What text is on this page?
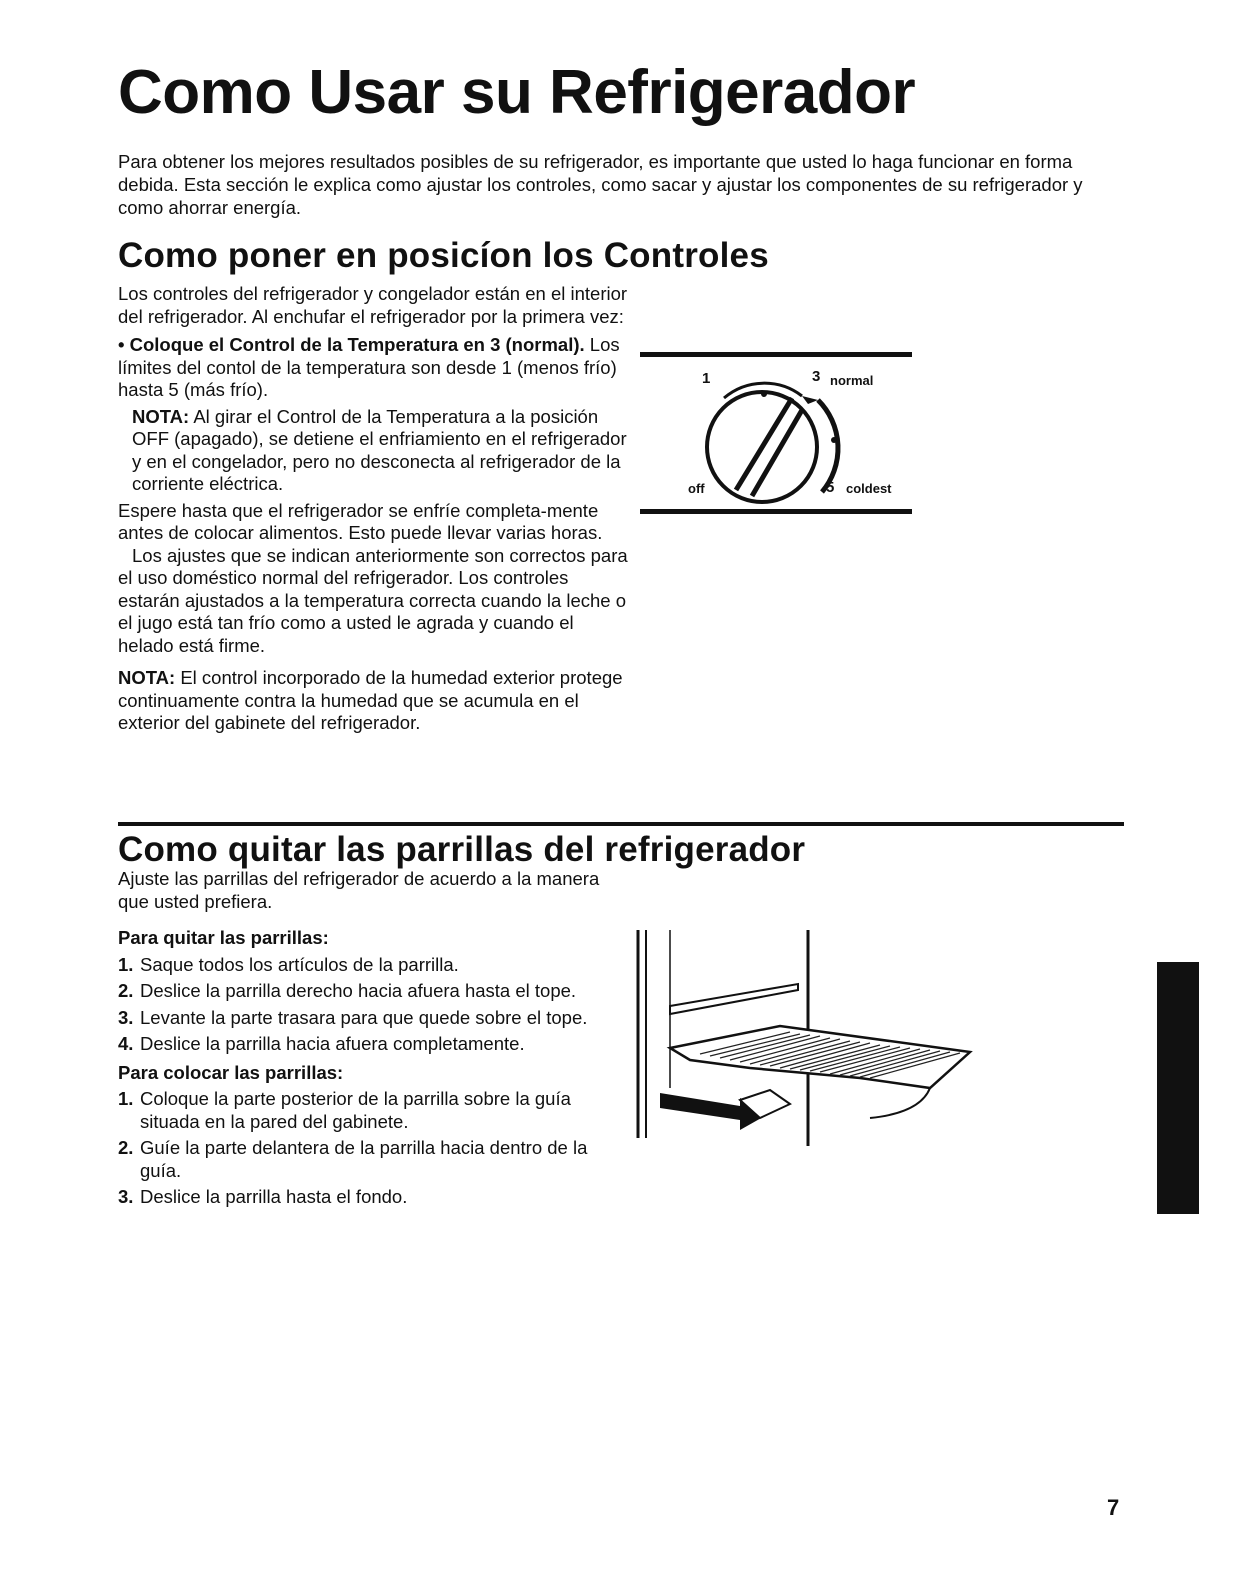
Como Usar su Refrigerador

Para obtener los mejores resultados posibles de su refrigerador, es importante que usted lo haga funcionar en forma debida. Esta sección le explica como ajustar los controles, como sacar y ajustar los componentes de su refrigerador y como ahorrar energía.

Como poner en posicíon los Controles

Los controles del refrigerador y congelador están en el interior del refrigerador. Al enchufar el refrigerador por la primera vez:

• Coloque el Control de la Temperatura en 3 (normal). Los límites del contol de la temperatura son desde 1 (menos frío) hasta 5 (más frío).

NOTA: Al girar el Control de la Temperatura a la posición OFF (apagado), se detiene el enfriamiento en el refrigerador y en el congelador, pero no desconecta al refrigerador de la corriente eléctrica.

Espere hasta que el refrigerador se enfríe completa-mente antes de colocar alimentos. Esto puede llevar varias horas.

Los ajustes que se indican anteriormente son correctos para el uso doméstico normal del refrigerador. Los controles estarán ajustados a la temperatura correcta cuando la leche o el jugo está tan frío como a usted le agrada y cuando el helado está firme.

NOTA: El control incorporado de la humedad exterior protege continuamente contra la humedad que se acumula en el exterior del gabinete del refrigerador.

1	3 normal
off	5 coldest
Como quitar las parrillas del refrigerador

Ajuste las parrillas del refrigerador de acuerdo a la manera que usted prefiera.

Para quitar las parrillas:

1. Saque todos los artículos de la parrilla.
2. Deslice la parrilla derecho hacia afuera hasta el tope.
3. Levante la parte trasara para que quede sobre el tope.
4. Deslice la parrilla hacia afuera completamente.

Para colocar las parrillas:

1. Coloque la parte posterior de la parrilla sobre la guía situada en la pared del gabinete.
2. Guíe la parte delantera de la parrilla hacia dentro de la guía.
3. Deslice la parrilla hasta el fondo.
7
